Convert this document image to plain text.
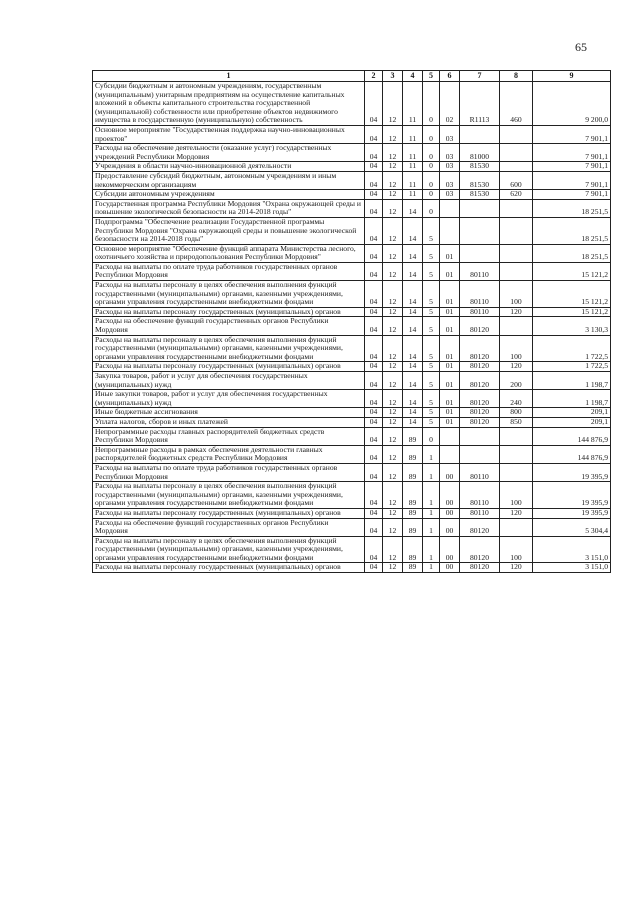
65
1	2	3	4	5	6	7	8	9
Субсидии бюджетным и автономным учреждениям, государственным (муниципальным) унитарным предприятиям на осуществление капитальных вложений в объекты капитального строительства государственной (муниципальной) собственности или приобретение объектов недвижимого имущества в государственную (муниципальную) собственность	04	12	11	0	02	R1113	460	9 200,0
Основное мероприятие "Государственная поддержка научно-инновационных проектов"	04	12	11	0	03			7 901,1
Расходы на обеспечение деятельности (оказание услуг) государственных учреждений Республики Мордовия	04	12	11	0	03	81000		7 901,1
Учреждения в области научно-инновационной деятельности	04	12	11	0	03	81530		7 901,1
Предоставление субсидий бюджетным, автономным учреждениям и иным некоммерческим организациям	04	12	11	0	03	81530	600	7 901,1
Субсидии автономным учреждениям	04	12	11	0	03	81530	620	7 901,1
Государственная программа Республики Мордовия "Охрана окружающей среды и повышение экологической безопасности на 2014-2018 годы"	04	12	14	0				18 251,5
Подпрограмма "Обеспечение реализации Государственной программы Республики Мордовия "Охрана окружающей среды и повышение экологической безопасности на 2014-2018 годы"	04	12	14	5				18 251,5
Основное мероприятие "Обеспечение функций аппарата Министерства лесного, охотничьего хозяйства и природопользования Республики Мордовия"	04	12	14	5	01			18 251,5
Расходы на выплаты по оплате труда работников государственных органов Республики Мордовия	04	12	14	5	01	80110		15 121,2
Расходы на выплаты персоналу в целях обеспечения выполнения функций государственными (муниципальными) органами, казенными учреждениями, органами управления государственными внебюджетными фондами	04	12	14	5	01	80110	100	15 121,2
Расходы на выплаты персоналу государственных (муниципальных) органов	04	12	14	5	01	80110	120	15 121,2
Расходы на обеспечение функций государственных органов Республики Мордовия	04	12	14	5	01	80120		3 130,3
Расходы на выплаты персоналу в целях обеспечения выполнения функций государственными (муниципальными) органами, казенными учреждениями, органами управления государственными внебюджетными фондами	04	12	14	5	01	80120	100	1 722,5
Расходы на выплаты персоналу государственных (муниципальных) органов	04	12	14	5	01	80120	120	1 722,5
Закупка товаров, работ и услуг для обеспечения государственных (муниципальных) нужд	04	12	14	5	01	80120	200	1 198,7
Иные закупки товаров, работ и услуг для обеспечения государственных (муниципальных) нужд	04	12	14	5	01	80120	240	1 198,7
Иные бюджетные ассигнования	04	12	14	5	01	80120	800	209,1
Уплата налогов, сборов и иных платежей	04	12	14	5	01	80120	850	209,1
Непрограммные расходы главных распорядителей бюджетных средств Республики Мордовия	04	12	89	0				144 876,9
Непрограммные расходы в рамках обеспечения деятельности главных распорядителей бюджетных средств Республики Мордовия	04	12	89	1				144 876,9
Расходы на выплаты по оплате труда работников государственных органов Республики Мордовия	04	12	89	1	00	80110		19 395,9
Расходы на выплаты персоналу в целях обеспечения выполнения функций государственными (муниципальными) органами, казенными учреждениями, органами управления государственными внебюджетными фондами	04	12	89	1	00	80110	100	19 395,9
Расходы на выплаты персоналу государственных (муниципальных) органов	04	12	89	1	00	80110	120	19 395,9
Расходы на обеспечение функций государственных органов Республики Мордовия	04	12	89	1	00	80120		5 304,4
Расходы на выплаты персоналу в целях обеспечения выполнения функций государственными (муниципальными) органами, казенными учреждениями, органами управления государственными внебюджетными фондами	04	12	89	1	00	80120	100	3 151,0
Расходы на выплаты персоналу государственных (муниципальных) органов	04	12	89	1	00	80120	120	3 151,0
